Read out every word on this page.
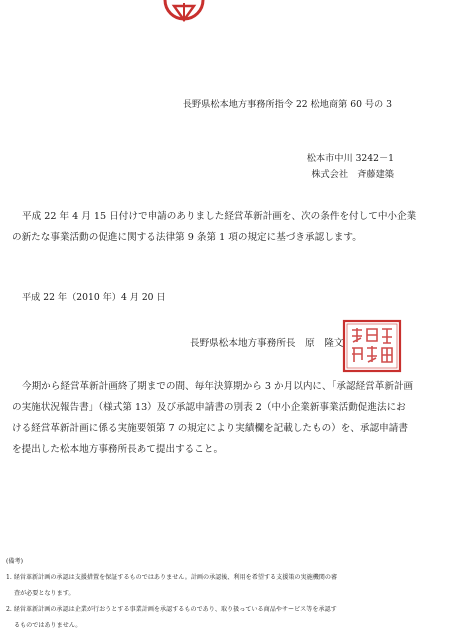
長野県松本地方事務所指令 22 松地商第 60 号の 3
松本市中川 3242－1
株式会社　斉藤建築
平成 22 年 4 月 15 日付けで申請のありました経営革新計画を、次の条件を付して中小企業
の新たな事業活動の促進に関する法律第 9 条第 1 項の規定に基づき承認します。
平成 22 年（2010 年）4 月 20 日
長野県松本地方事務所長　原　隆文
今期から経営革新計画終了期までの間、毎年決算期から 3 か月以内に、「承認経営革新計画
の実施状況報告書」（様式第 13）及び承認申請書の別表 2（中小企業新事業活動促進法にお
ける経営革新計画に係る実施要領第 7 の規定により実績欄を記載したもの）を、承認申請書
を提出した松本地方事務所長あて提出すること。
(備考)
1. 経営革新計画の承認は支援措置を保証するものではありません。計画の承認後、利用を希望する支援策の実施機関の審
査が必要となります。
2. 経営革新計画の承認は企業が行おうとする事業計画を承認するものであり、取り扱っている商品やサービス等を承認す
るものではありません。
